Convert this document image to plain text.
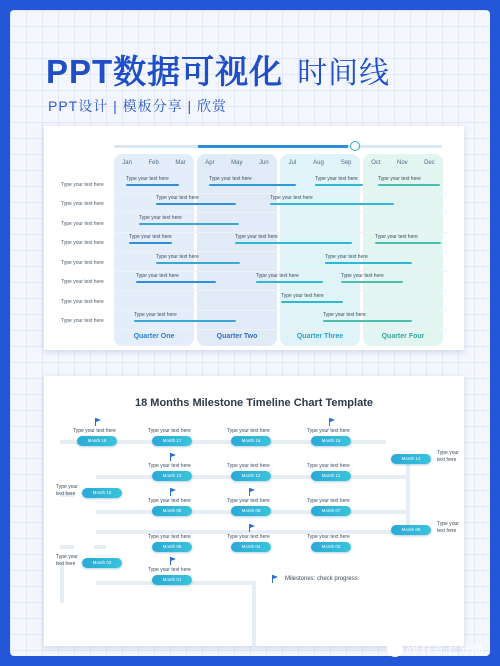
PPT数据可视化 时间线
PPT设计 | 模板分享 | 欣赏
Jan	Feb	Mar
Quarter One
Apr	May	Jun
Quarter Two
Jul	Aug	Sep
Quarter Three
Oct	Nov	Dec
Quarter Four
Type your text here
Type your text here	Type your text here	Type your text here	Type your text here
Type your text here
Type your text here	Type your text here
Type your text here
Type your text here
Type your text here
Type your text here	Type your text here	Type your text here
Type your text here
Type your text here	Type your text here
Type your text here
Type your text here	Type your text here	Type your text here
Type your text here
Type your text here
Type your text here
Type your text here	Type your text here
18 Months Milestone Timeline Chart Template
Month 18
Type your text here
Month 17
Type your text here
Month 16
Type your text here
Month 15
Type your text here
Month 14
Type your
text here
Month 13
Type your text here
Month 12
Type your text here
Month 11
Type your text here
Month 10
Type your
text here
Month 09
Type your text here
Month 08
Type your text here
Month 07
Type your text here
Month 06
Type your
text here
Month 05
Type your text here
Month 04
Type your text here
Month 03
Type your text here
Month 02
Type your
text here
Month 01
Type your text here
Milestones: check progress
@春景七分甜
